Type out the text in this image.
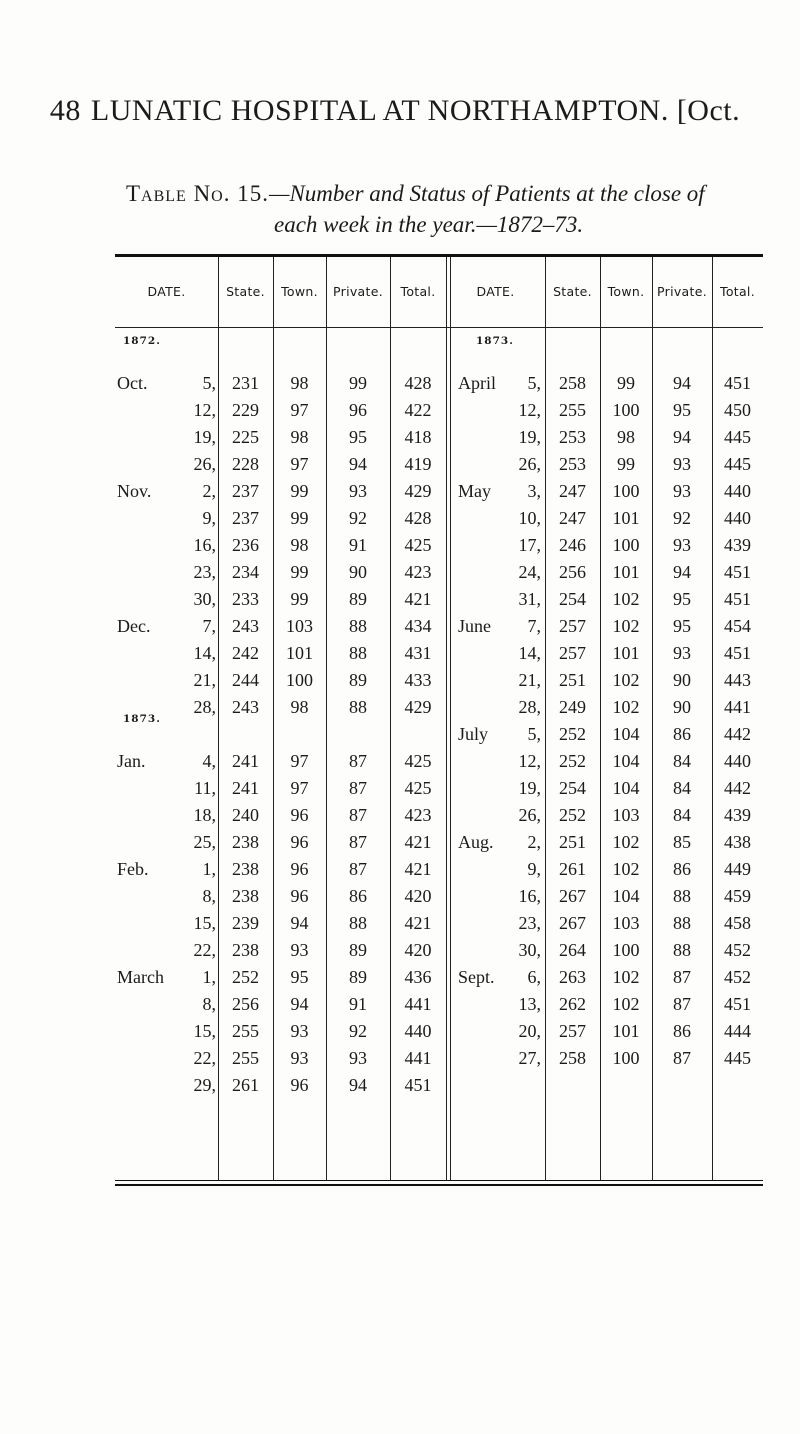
48 LUNATIC HOSPITAL AT NORTHAMPTON. [Oct.
Table No. 15.—Number and Status of Patients at the close of
each week in the year.—1872–73.
DATE.	State.	Town.	Private.	Total.	DATE.	State.	Town.	Private.	Total.
1872.
Oct.	5, 231	98	99	428
12, 229	97	96	422
19, 225	98	95	418
26, 228	97	94	419
Nov.	2, 237	99	93	429
9, 237	99	92	428
16, 236	98	91	425
23, 234	99	90	423
30, 233	99	89	421
Dec.	7, 243	103	88	434
14, 242	101	88	431
21, 244	100	89	433
28, 243	98	88	429
1873.
Jan.	4, 241	97	87	425
11, 241	97	87	425
18, 240	96	87	423
25, 238	96	87	421
Feb.	1, 238	96	87	421
8, 238	96	86	420
15, 239	94	88	421
22, 238	93	89	420
March	1, 252	95	89	436
8, 256	94	91	441
15, 255	93	92	440
22, 255	93	93	441
29, 261	96	94	451
1873.
April	5,	258	99	94	451
12,	255	100	95	450
19,	253	98	94	445
26,	253	99	93	445
May	3,	247	100	93	440
10,	247	101	92	440
17,	246	100	93	439
24,	256	101	94	451
31,	254	102	95	451
June	7,	257	102	95	454
14,	257	101	93	451
21,	251	102	90	443
28,	249	102	90	441
July	5,	252	104	86	442
12,	252	104	84	440
19,	254	104	84	442
26,	252	103	84	439
Aug.	2,	251	102	85	438
9,	261	102	86	449
16,	267	104	88	459
23,	267	103	88	458
30,	264	100	88	452
Sept.	6,	263	102	87	452
13,	262	102	87	451
20,	257	101	86	444
27,	258	100	87	445
